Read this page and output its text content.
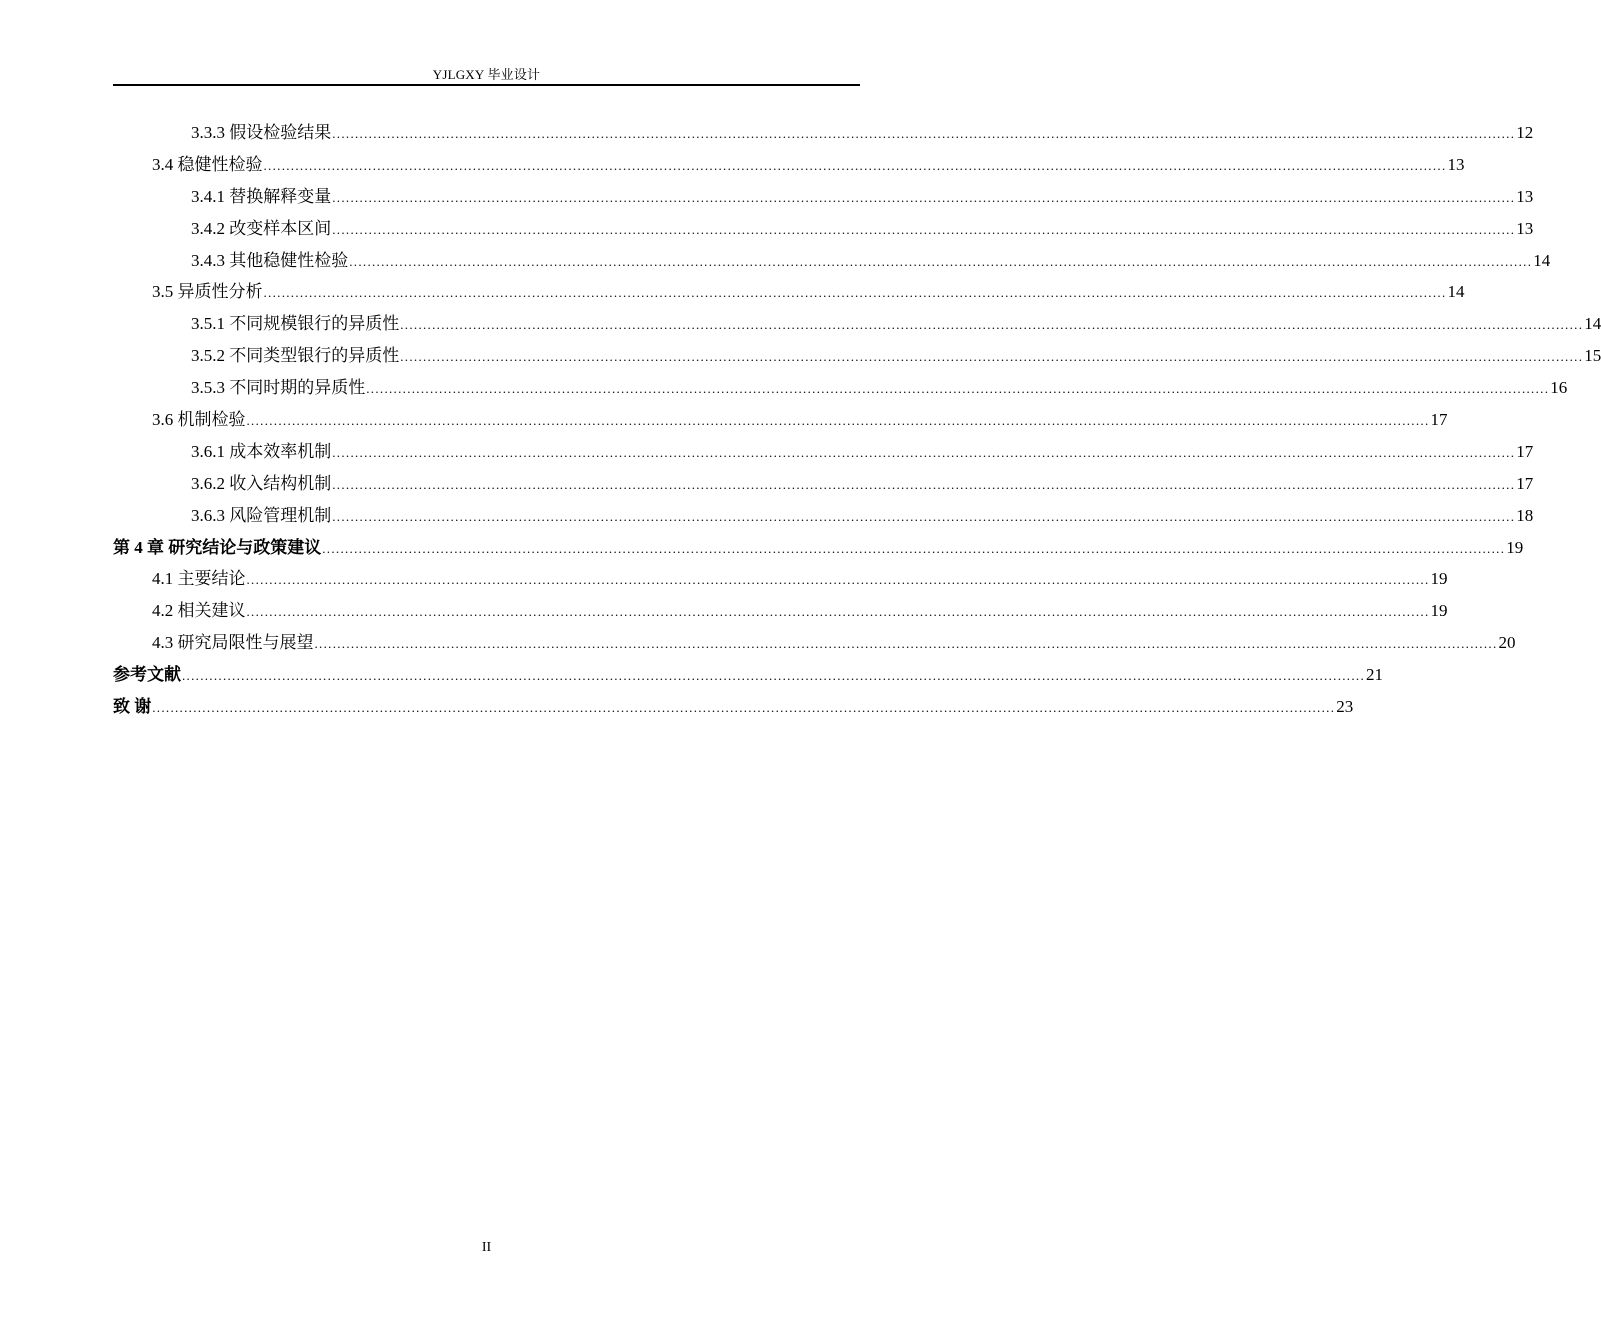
YJLGXY 毕业设计
3.3.3 假设检验结果 .................................................................................................................................................................................................................................................................... 12
3.4 稳健性检验 .................................................................................................................................................................................................................................................................... 13
3.4.1 替换解释变量 .................................................................................................................................................................................................................................................................... 13
3.4.2 改变样本区间 .................................................................................................................................................................................................................................................................... 13
3.4.3 其他稳健性检验 .................................................................................................................................................................................................................................................................... 14
3.5 异质性分析 .................................................................................................................................................................................................................................................................... 14
3.5.1 不同规模银行的异质性 .................................................................................................................................................................................................................................................................... 14
3.5.2 不同类型银行的异质性 .................................................................................................................................................................................................................................................................... 15
3.5.3 不同时期的异质性 .................................................................................................................................................................................................................................................................... 16
3.6 机制检验 .................................................................................................................................................................................................................................................................... 17
3.6.1 成本效率机制 .................................................................................................................................................................................................................................................................... 17
3.6.2 收入结构机制 .................................................................................................................................................................................................................................................................... 17
3.6.3 风险管理机制 .................................................................................................................................................................................................................................................................... 18
第 4 章 研究结论与政策建议 .................................................................................................................................................................................................................................................................... 19
4.1 主要结论 .................................................................................................................................................................................................................................................................... 19
4.2 相关建议 .................................................................................................................................................................................................................................................................... 19
4.3 研究局限性与展望 .................................................................................................................................................................................................................................................................... 20
参考文献 .................................................................................................................................................................................................................................................................... 21
致 谢 .................................................................................................................................................................................................................................................................... 23
II
